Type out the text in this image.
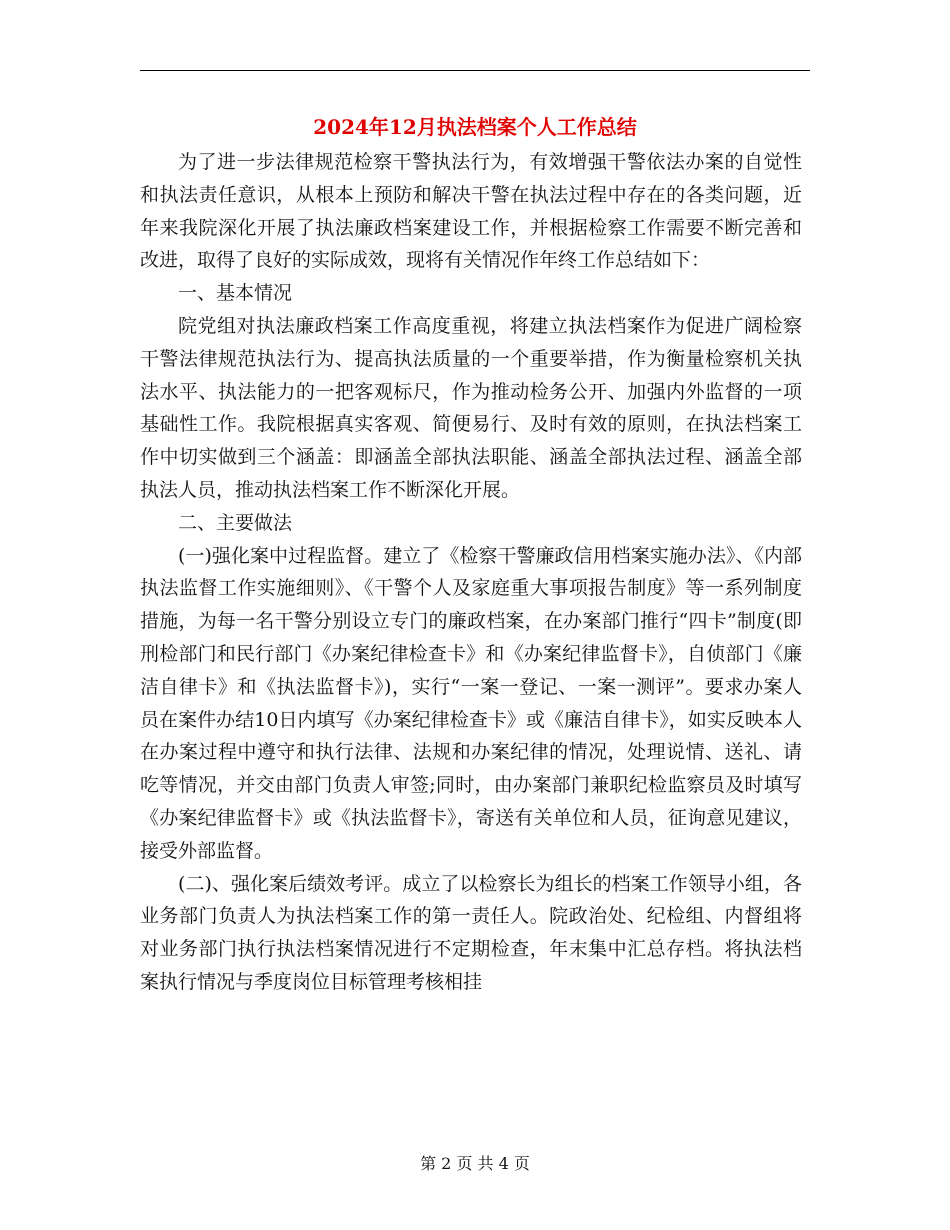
2024年12月执法档案个人工作总结

为了进一步法律规范检察干警执法行为，有效增强干警依法办案的自觉性和执法责任意识，从根本上预防和解决干警在执法过程中存在的各类问题，近年来我院深化开展了执法廉政档案建设工作，并根据检察工作需要不断完善和改进，取得了良好的实际成效，现将有关情况作年终工作总结如下：

一、基本情况

院党组对执法廉政档案工作高度重视，将建立执法档案作为促进广阔检察干警法律规范执法行为、提高执法质量的一个重要举措，作为衡量检察机关执法水平、执法能力的一把客观标尺，作为推动检务公开、加强内外监督的一项基础性工作。我院根据真实客观、简便易行、及时有效的原则，在执法档案工作中切实做到三个涵盖：即涵盖全部执法职能、涵盖全部执法过程、涵盖全部执法人员，推动执法档案工作不断深化开展。

二、主要做法

(一)强化案中过程监督。建立了《检察干警廉政信用档案实施办法》、《内部执法监督工作实施细则》、《干警个人及家庭重大事项报告制度》等一系列制度措施，为每一名干警分别设立专门的廉政档案，在办案部门推行“四卡”制度(即刑检部门和民行部门《办案纪律检查卡》和《办案纪律监督卡》，自侦部门《廉洁自律卡》和《执法监督卡》)，实行“一案一登记、一案一测评”。要求办案人员在案件办结10日内填写《办案纪律检查卡》或《廉洁自律卡》，如实反映本人在办案过程中遵守和执行法律、法规和办案纪律的情况，处理说情、送礼、请吃等情况，并交由部门负责人审签;同时，由办案部门兼职纪检监察员及时填写《办案纪律监督卡》或《执法监督卡》，寄送有关单位和人员，征询意见建议，接受外部监督。

(二)、强化案后绩效考评。成立了以检察长为组长的档案工作领导小组，各业务部门负责人为执法档案工作的第一责任人。院政治处、纪检组、内督组将对业务部门执行执法档案情况进行不定期检查，年末集中汇总存档。将执法档案执行情况与季度岗位目标管理考核相挂

第 2 页 共 4 页
